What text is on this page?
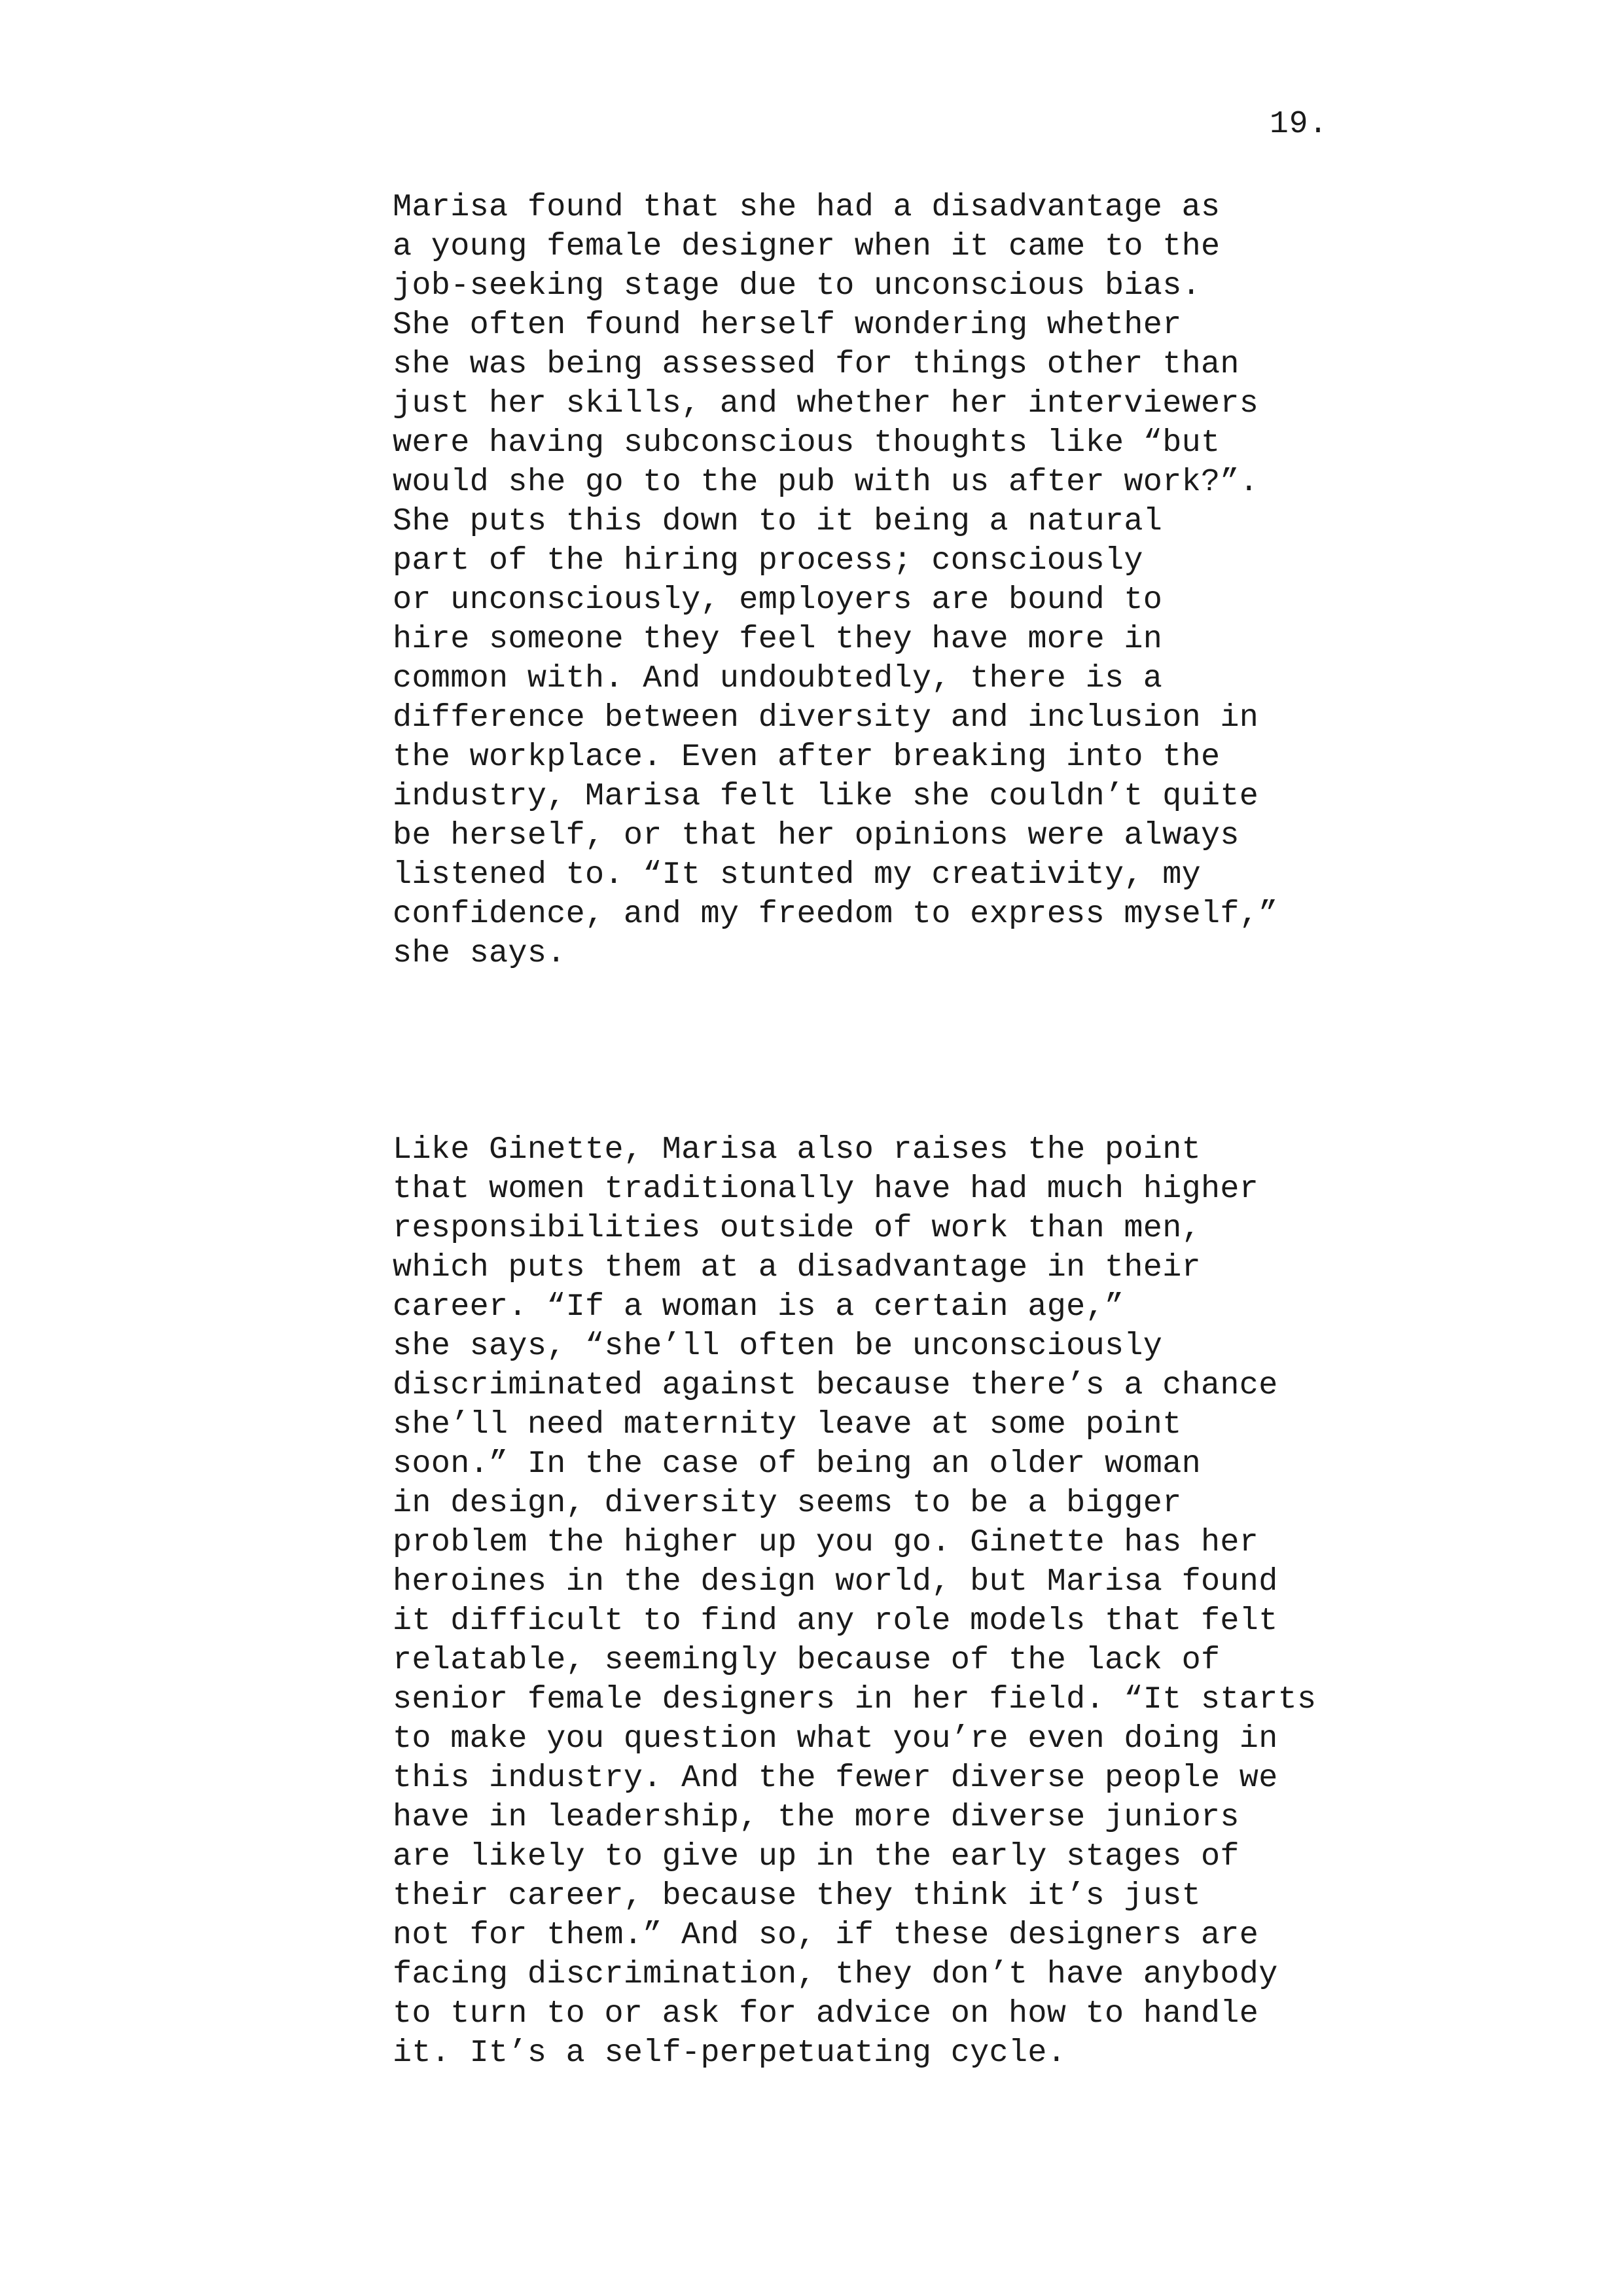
19.

Marisa found that she had a disadvantage as
a young female designer when it came to the
job-seeking stage due to unconscious bias.
She often found herself wondering whether
she was being assessed for things other than
just her skills, and whether her interviewers
were having subconscious thoughts like “but
would she go to the pub with us after work?”.
She puts this down to it being a natural
part of the hiring process; consciously
or unconsciously, employers are bound to
hire someone they feel they have more in
common with. And undoubtedly, there is a
difference between diversity and inclusion in
the workplace. Even after breaking into the
industry, Marisa felt like she couldn’t quite
be herself, or that her opinions were always
listened to. “It stunted my creativity, my
confidence, and my freedom to express myself,”
she says.

Like Ginette, Marisa also raises the point
that women traditionally have had much higher
responsibilities outside of work than men,
which puts them at a disadvantage in their
career. “If a woman is a certain age,”
she says, “she’ll often be unconsciously
discriminated against because there’s a chance
she’ll need maternity leave at some point
soon.” In the case of being an older woman
in design, diversity seems to be a bigger
problem the higher up you go. Ginette has her
heroines in the design world, but Marisa found
it difficult to find any role models that felt
relatable, seemingly because of the lack of
senior female designers in her field. “It starts
to make you question what you’re even doing in
this industry. And the fewer diverse people we
have in leadership, the more diverse juniors
are likely to give up in the early stages of
their career, because they think it’s just
not for them.” And so, if these designers are
facing discrimination, they don’t have anybody
to turn to or ask for advice on how to handle
it. It’s a self-perpetuating cycle.
